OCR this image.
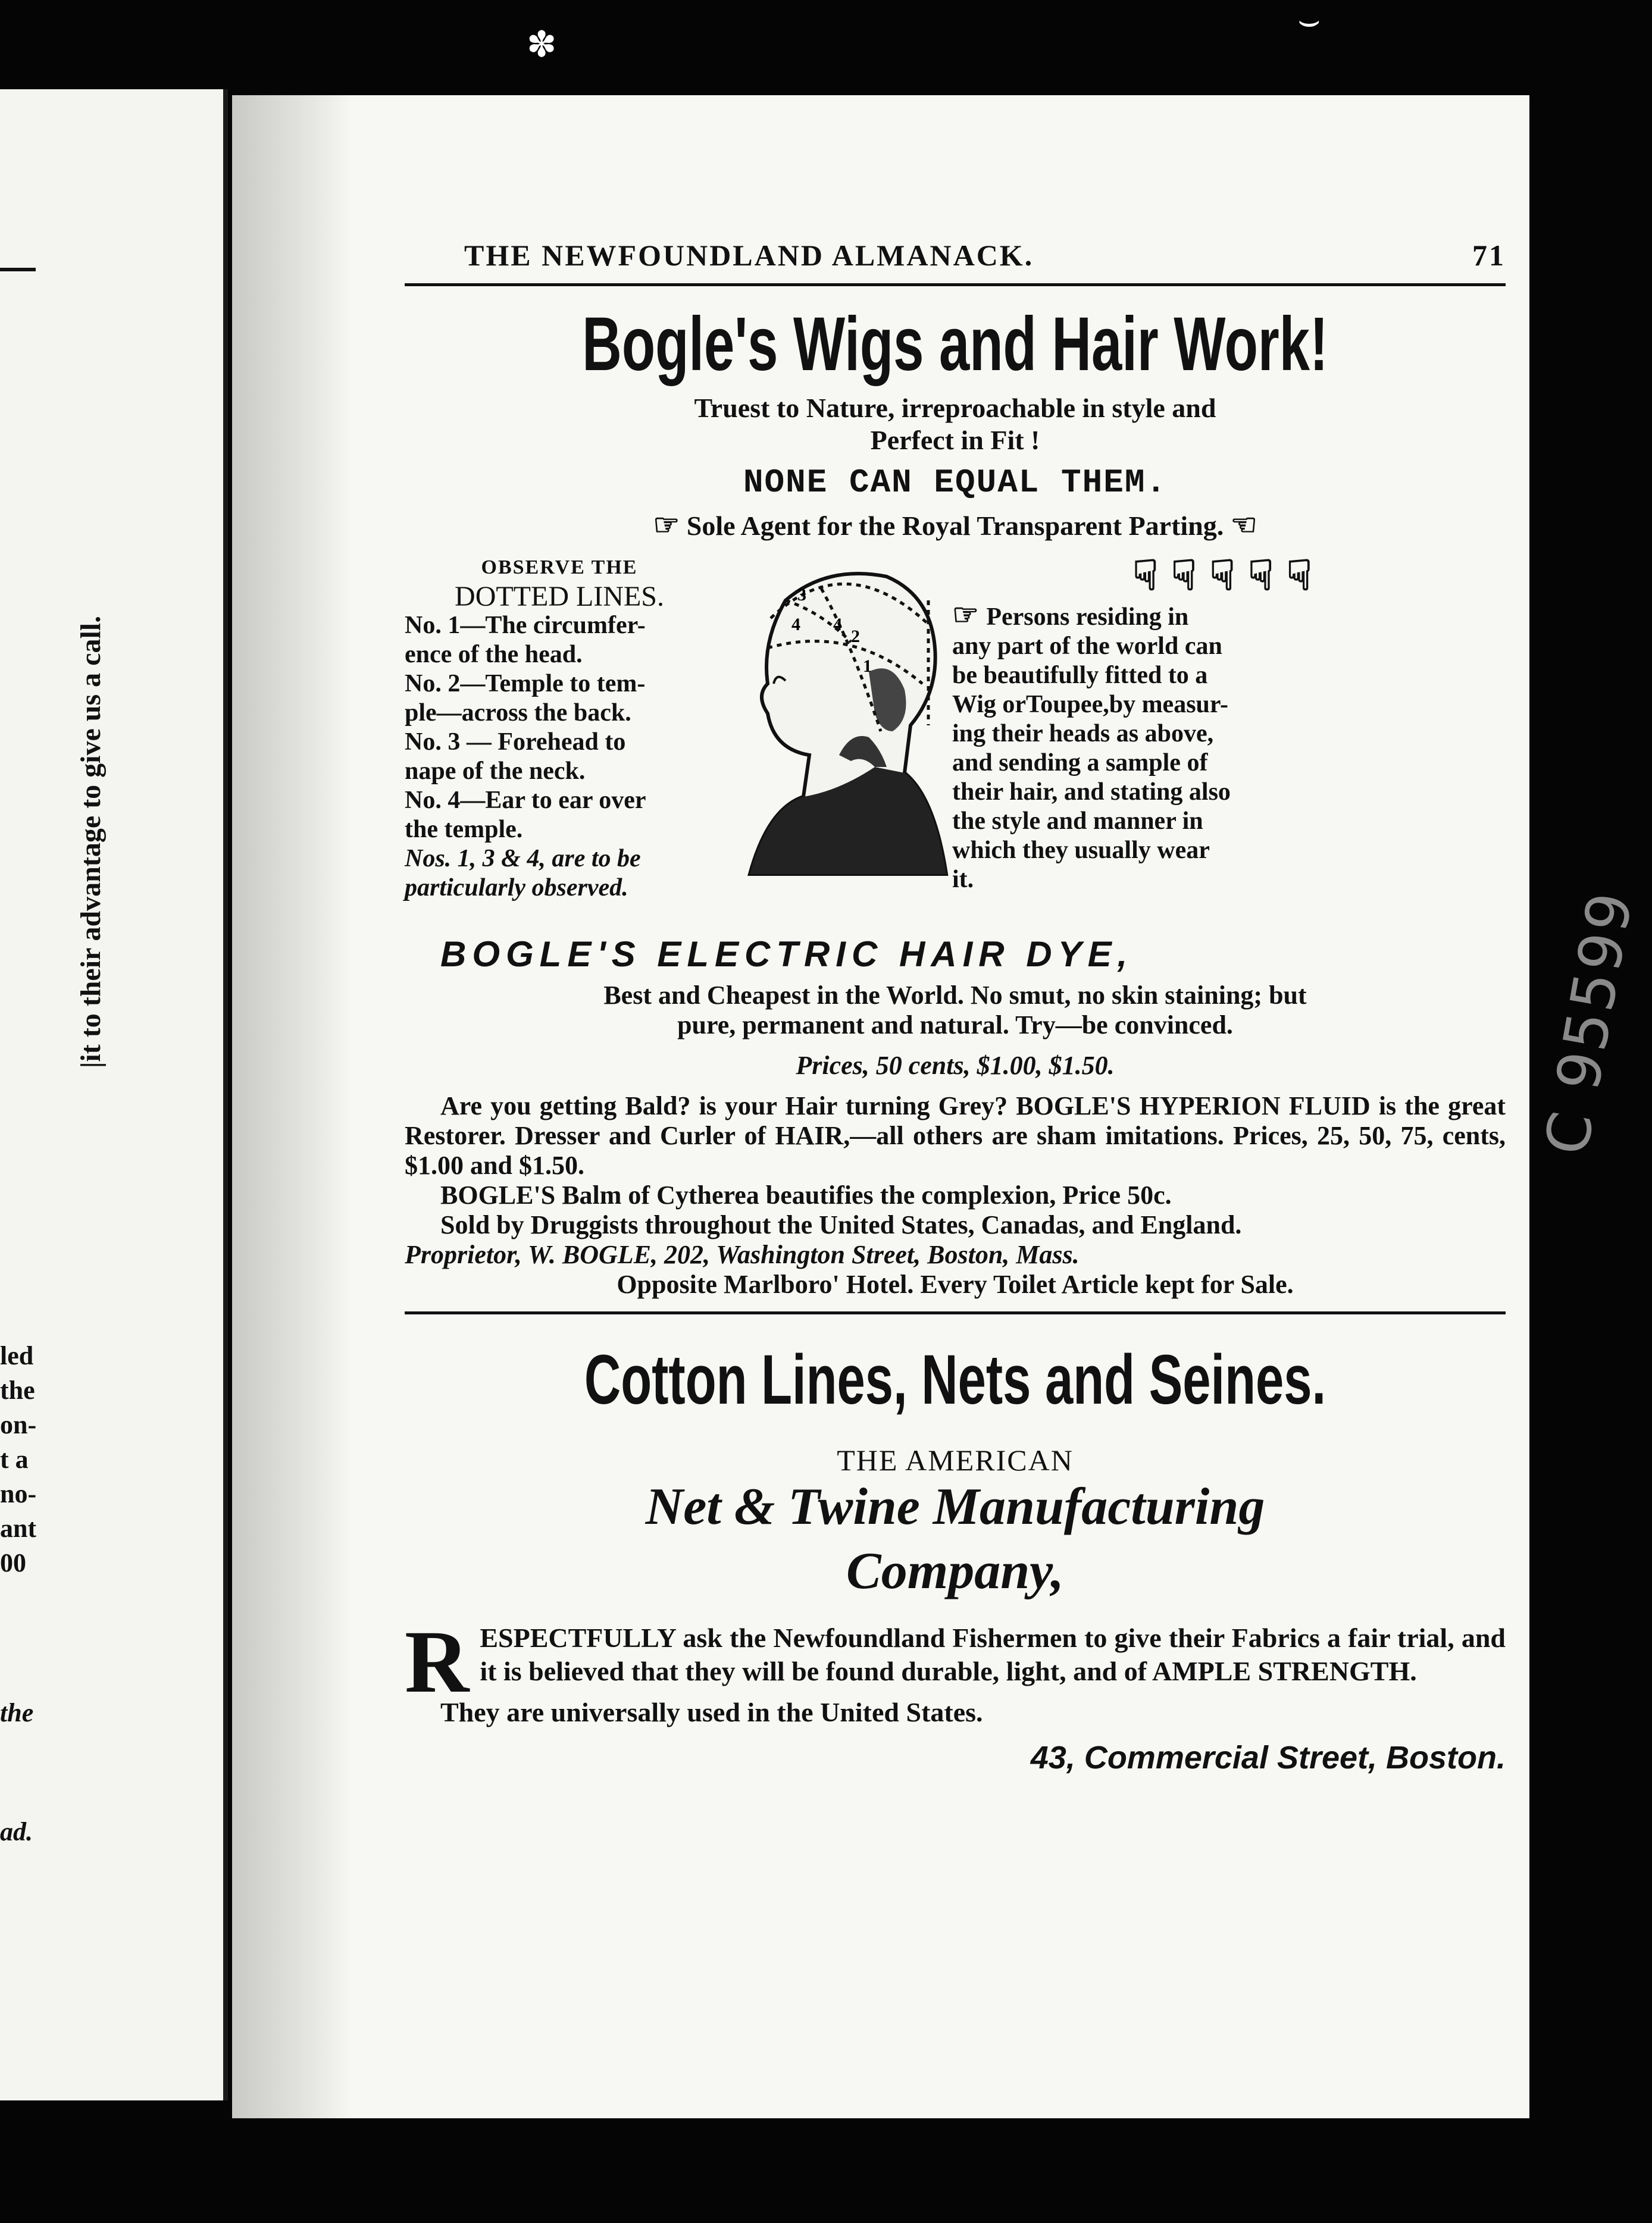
✽
⌣
|it to their advantage to give us a call.
led
the
on-
t a
no-
ant
00
the
ad.
C 95599
THE NEWFOUNDLAND ALMANACK.	71
Bogle's Wigs and Hair Work!
Truest to Nature, irreproachable in style and
Perfect in Fit !
NONE CAN EQUAL THEM.
☞ Sole Agent for the Royal Transparent Parting. ☜
OBSERVE THE
DOTTED LINES.
No. 1—The circumfer-
ence of the head.
No. 2—Temple to tem-
ple—across the back.
No. 3 — Forehead to
nape of the neck.
No. 4—Ear to ear over
the temple.
Nos. 1, 3 & 4, are to be
particularly observed.
3
4 4
2
1
☟☟☟☟☟
☞ Persons residing in
any part of the world can
be beautifully fitted to a
Wig orToupee,by measur-
ing their heads as above,
and sending a sample of
their hair, and stating also
the style and manner in
which they usually wear
it.
BOGLE'S ELECTRIC HAIR DYE,
Best and Cheapest in the World. No smut, no skin staining; but
pure, permanent and natural. Try—be convinced.
Prices, 50 cents, $1.00, $1.50.
Are you getting Bald? is your Hair turning Grey? BOGLE'S HYPERION FLUID is the great Restorer. Dresser and Curler of HAIR,—all others are sham imitations. Prices, 25, 50, 75, cents, $1.00 and $1.50.
BOGLE'S Balm of Cytherea beautifies the complexion, Price 50c.
Sold by Druggists throughout the United States, Canadas, and England.
Proprietor, W. BOGLE, 202, Washington Street, Boston, Mass.
Opposite Marlboro' Hotel. Every Toilet Article kept for Sale.
Cotton Lines, Nets and Seines.
THE AMERICAN
Net & Twine Manufacturing
Company,
R ESPECTFULLY ask the Newfoundland Fishermen to give their Fabrics a fair trial, and it is believed that they will be found durable, light, and of AMPLE STRENGTH.
They are universally used in the United States.
43, Commercial Street, Boston.
